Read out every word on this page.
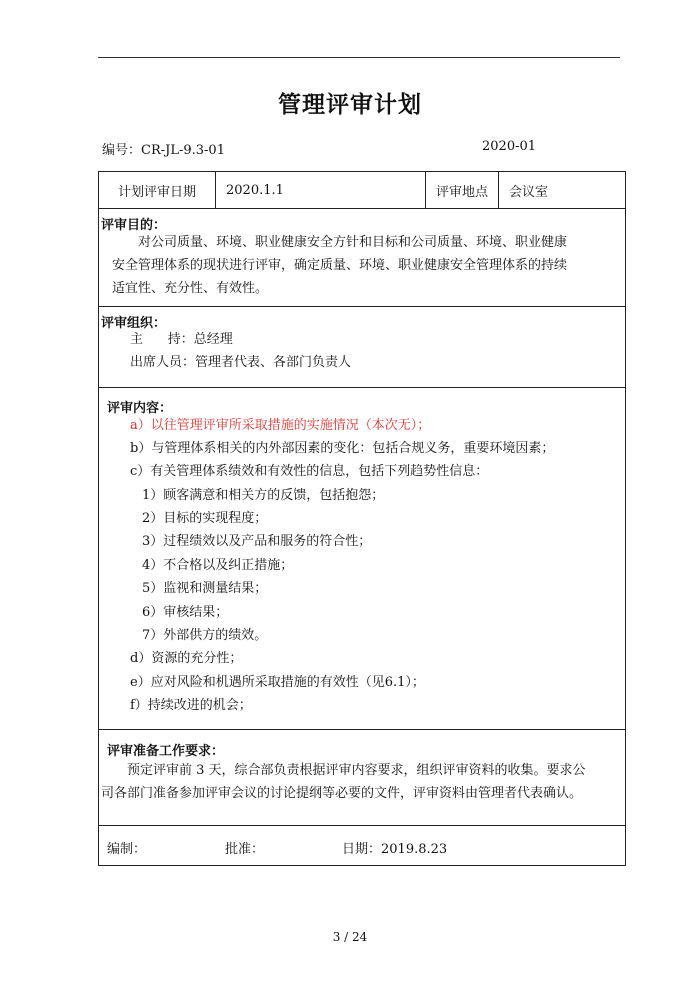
管理评审计划
编号：CR-JL-9.3-01	2020-01
计划评审日期	2020.1.1	评审地点	会议室
评审目的：
对公司质量、环境、职业健康安全方针和目标和公司质量、环境、职业健康
安全管理体系的现状进行评审，确定质量、环境、职业健康安全管理体系的持续
适宜性、充分性、有效性。
评审组织：
主      持：总经理
出席人员：管理者代表、各部门负责人
评审内容：
a）以往管理评审所采取措施的实施情况（本次无）；
b）与管理体系相关的内外部因素的变化：包括合规义务，重要环境因素；
c）有关管理体系绩效和有效性的信息，包括下列趋势性信息：
1）顾客满意和相关方的反馈，包括抱怨；
2）目标的实现程度；
3）过程绩效以及产品和服务的符合性；
4）不合格以及纠正措施；
5）监视和测量结果；
6）审核结果；
7）外部供方的绩效。
d）资源的充分性；
e）应对风险和机遇所采取措施的有效性（见6.1）；
f）持续改进的机会；
评审准备工作要求：
预定评审前 3 天，综合部负责根据评审内容要求，组织评审资料的收集。要求公
司各部门准备参加评审会议的讨论提纲等必要的文件，评审资料由管理者代表确认。
编制：	批准：	日期：2019.8.23
3 / 24
